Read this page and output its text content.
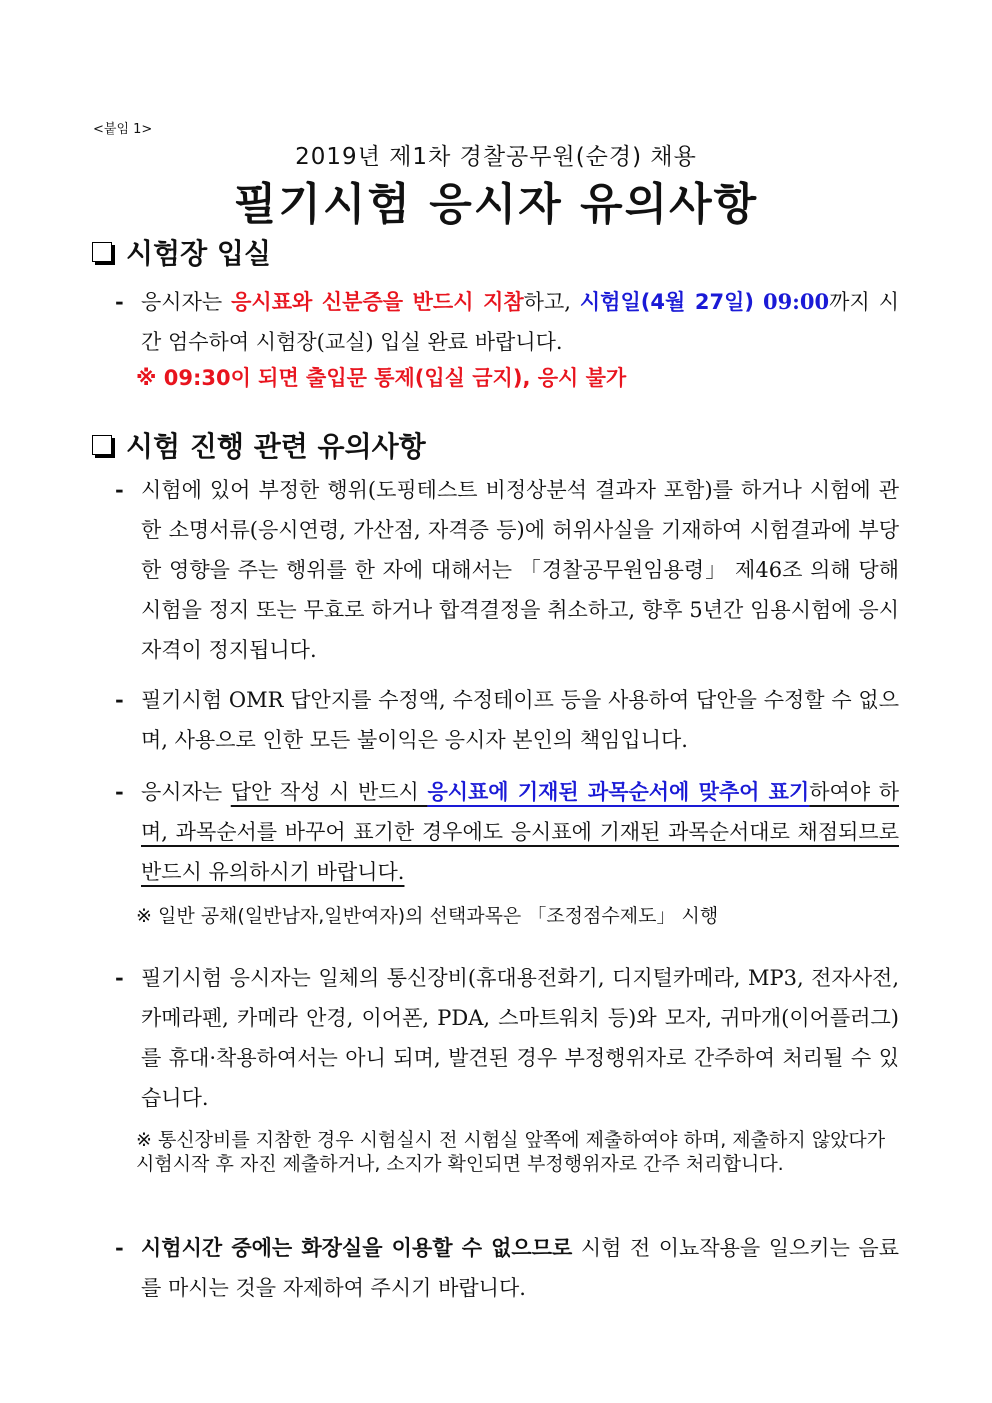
<붙임 1>
2019년 제1차 경찰공무원(순경) 채용
필기시험 응시자 유의사항
시험장 입실
- 응시자는 응시표와 신분증을 반드시 지참하고, 시험일(4월 27일) 09:00까지 시간 엄수하여 시험장(교실) 입실 완료 바랍니다.
※ 09:30이 되면 출입문 통제(입실 금지), 응시 불가
시험 진행 관련 유의사항
- 시험에 있어 부정한 행위(도핑테스트 비정상분석 결과자 포함)를 하거나 시험에 관한 소명서류(응시연령, 가산점, 자격증 등)에 허위사실을 기재하여 시험결과에 부당한 영향을 주는 행위를 한 자에 대해서는 「경찰공무원임용령」 제46조 의해 당해시험을 정지 또는 무효로 하거나 합격결정을 취소하고, 향후 5년간 임용시험에 응시자격이 정지됩니다.
- 필기시험 OMR 답안지를 수정액, 수정테이프 등을 사용하여 답안을 수정할 수 없으며, 사용으로 인한 모든 불이익은 응시자 본인의 책임입니다.
- 응시자는 답안 작성 시 반드시 응시표에 기재된 과목순서에 맞추어 표기하여야 하며, 과목순서를 바꾸어 표기한 경우에도 응시표에 기재된 과목순서대로 채점되므로 반드시 유의하시기 바랍니다.
※ 일반 공채(일반남자,일반여자)의 선택과목은 「조정점수제도」 시행
- 필기시험 응시자는 일체의 통신장비(휴대용전화기, 디지털카메라, MP3, 전자사전, 카메라펜, 카메라 안경, 이어폰, PDA, 스마트워치 등)와 모자, 귀마개(이어플러그)를 휴대·착용하여서는 아니 되며, 발견된 경우 부정행위자로 간주하여 처리될 수 있습니다.
※ 통신장비를 지참한 경우 시험실시 전 시험실 앞쪽에 제출하여야 하며, 제출하지 않았다가 시험시작 후 자진 제출하거나, 소지가 확인되면 부정행위자로 간주 처리합니다.
- 시험시간 중에는 화장실을 이용할 수 없으므로 시험 전 이뇨작용을 일으키는 음료를 마시는 것을 자제하여 주시기 바랍니다.
